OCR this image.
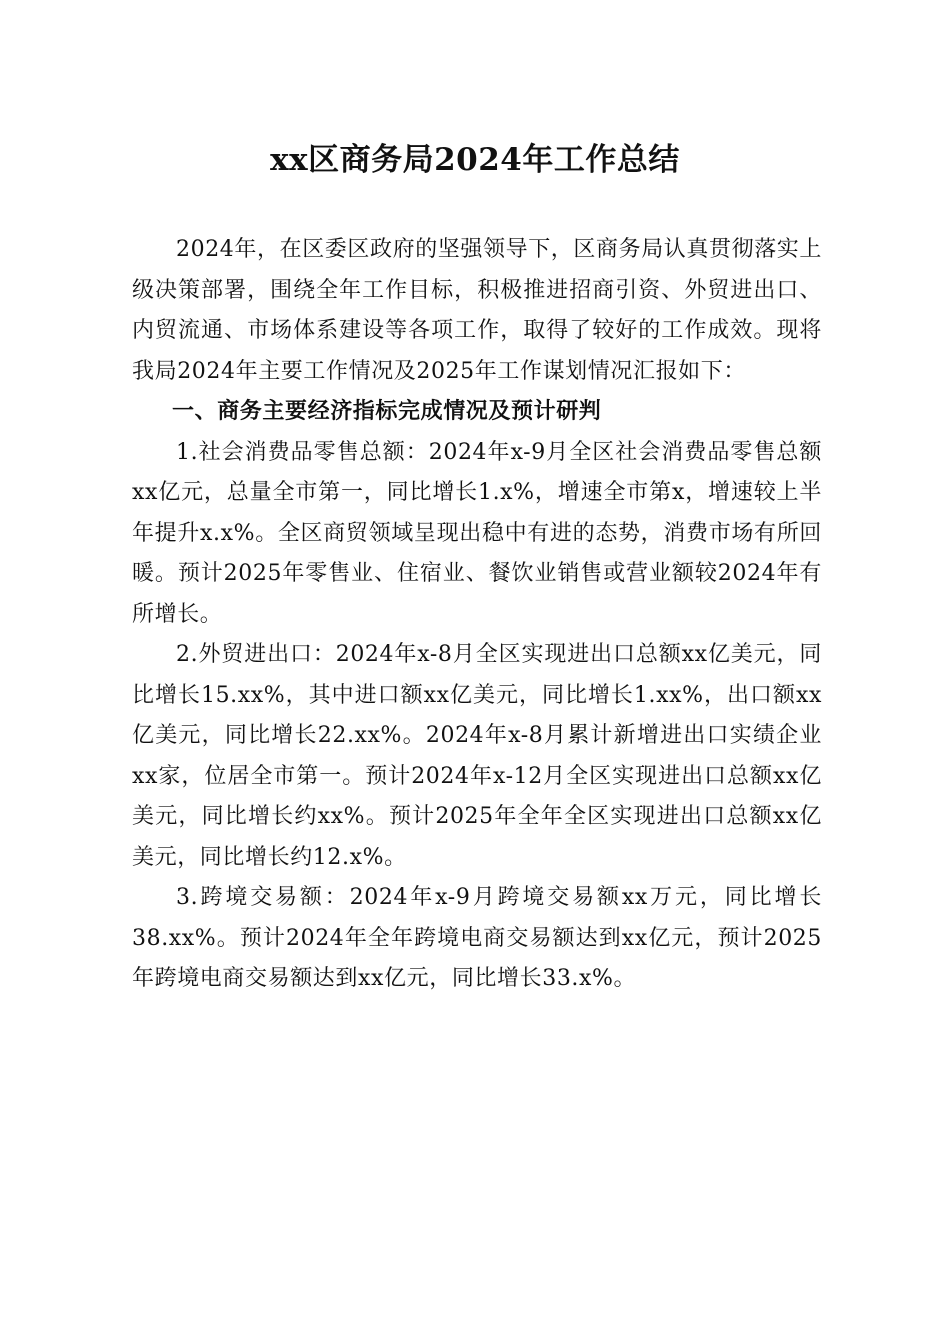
xx区商务局2024年工作总结

2024年，在区委区政府的坚强领导下，区商务局认真贯彻落实上级决策部署，围绕全年工作目标，积极推进招商引资、外贸进出口、内贸流通、市场体系建设等各项工作，取得了较好的工作成效。现将我局2024年主要工作情况及2025年工作谋划情况汇报如下：

一、商务主要经济指标完成情况及预计研判

1.社会消费品零售总额：2024年x-9月全区社会消费品零售总额xx亿元，总量全市第一，同比增长1.x%，增速全市第x，增速较上半年提升x.x%。全区商贸领域呈现出稳中有进的态势，消费市场有所回暖。预计2025年零售业、住宿业、餐饮业销售或营业额较2024年有所增长。

2.外贸进出口：2024年x-8月全区实现进出口总额xx亿美元，同比增长15.xx%，其中进口额xx亿美元，同比增长1.xx%，出口额xx亿美元，同比增长22.xx%。2024年x-8月累计新增进出口实绩企业xx家，位居全市第一。预计2024年x-12月全区实现进出口总额xx亿美元，同比增长约xx%。预计2025年全年全区实现进出口总额xx亿美元，同比增长约12.x%。

3.跨境交易额：2024年x-9月跨境交易额xx万元，同比增长38.xx%。预计2024年全年跨境电商交易额达到xx亿元，预计2025年跨境电商交易额达到xx亿元，同比增长33.x%。
